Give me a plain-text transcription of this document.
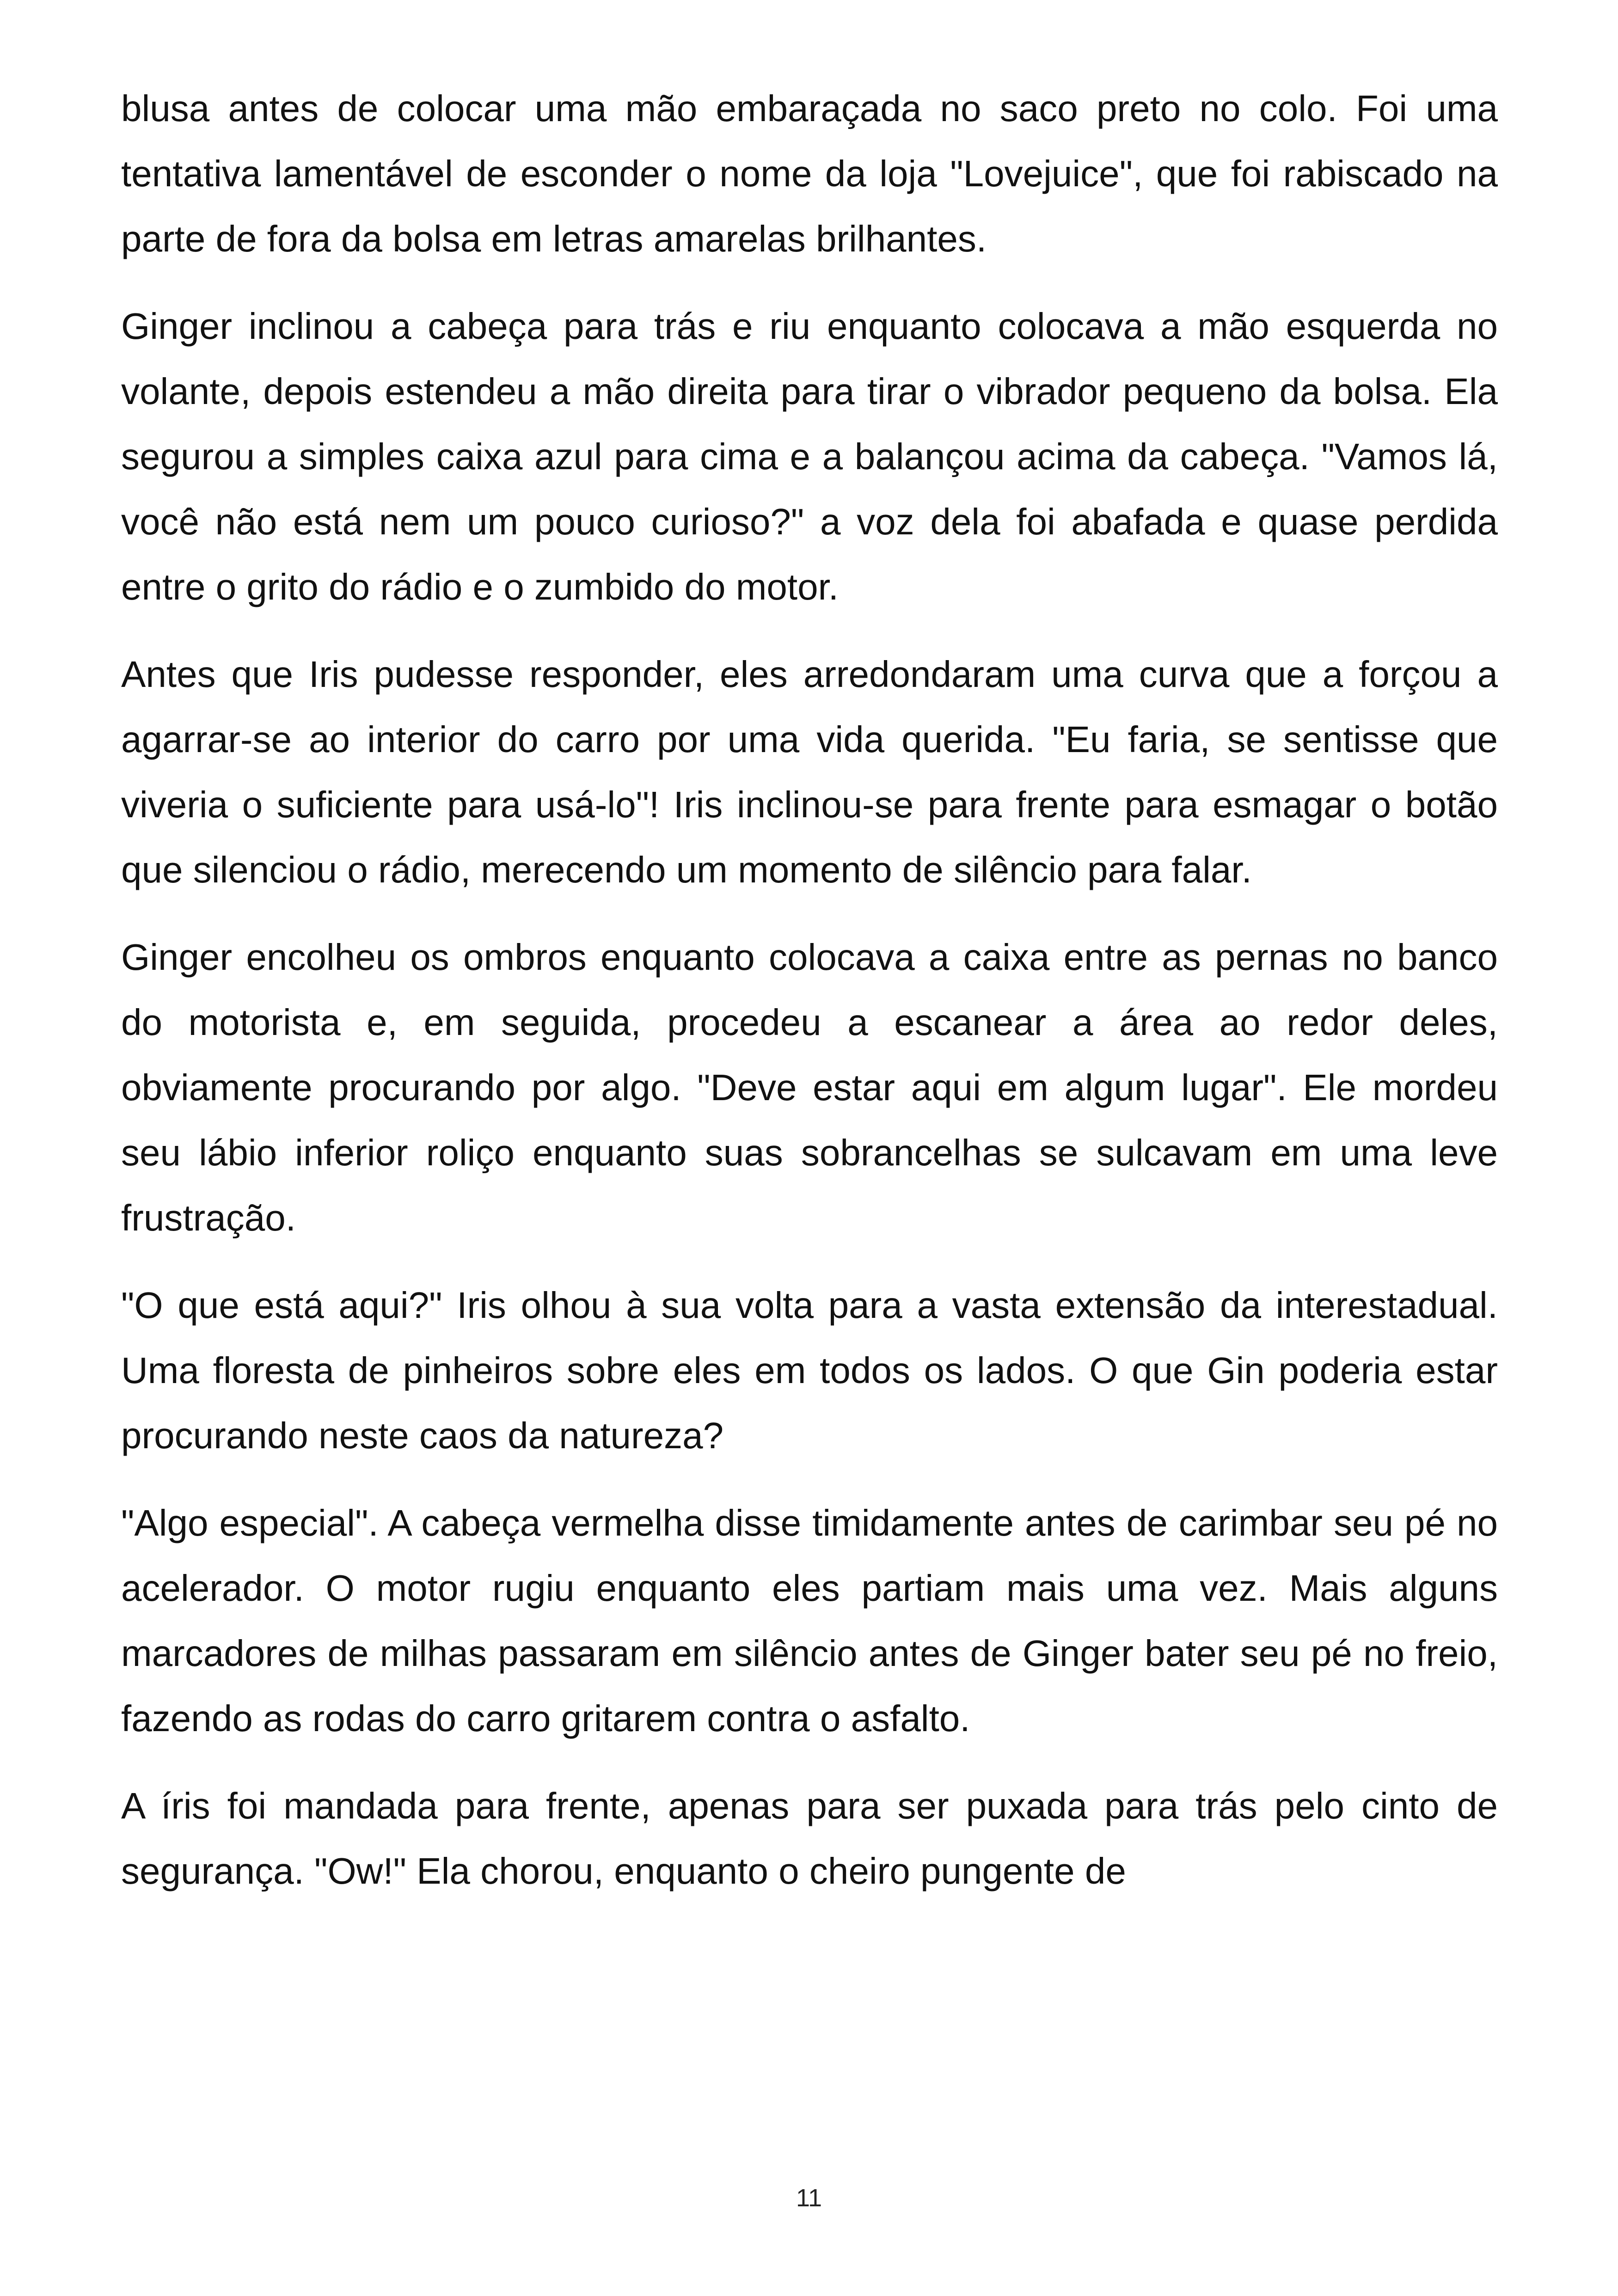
blusa antes de colocar uma mão embaraçada no saco preto no colo. Foi uma tentativa lamentável de esconder o nome da loja "Lovejuice", que foi rabiscado na parte de fora da bolsa em letras amarelas brilhantes.

Ginger inclinou a cabeça para trás e riu enquanto colocava a mão esquerda no volante, depois estendeu a mão direita para tirar o vibrador pequeno da bolsa. Ela segurou a simples caixa azul para cima e a balançou acima da cabeça. "Vamos lá, você não está nem um pouco curioso?" a voz dela foi abafada e quase perdida entre o grito do rádio e o zumbido do motor.

Antes que Iris pudesse responder, eles arredondaram uma curva que a forçou a agarrar-se ao interior do carro por uma vida querida. "Eu faria, se sentisse que viveria o suficiente para usá-lo"! Iris inclinou-se para frente para esmagar o botão que silenciou o rádio, merecendo um momento de silêncio para falar.

Ginger encolheu os ombros enquanto colocava a caixa entre as pernas no banco do motorista e, em seguida, procedeu a escanear a área ao redor deles, obviamente procurando por algo. "Deve estar aqui em algum lugar". Ele mordeu seu lábio inferior roliço enquanto suas sobrancelhas se sulcavam em uma leve frustração.

"O que está aqui?" Iris olhou à sua volta para a vasta extensão da interestadual. Uma floresta de pinheiros sobre eles em todos os lados. O que Gin poderia estar procurando neste caos da natureza?

"Algo especial". A cabeça vermelha disse timidamente antes de carimbar seu pé no acelerador. O motor rugiu enquanto eles partiam mais uma vez. Mais alguns marcadores de milhas passaram em silêncio antes de Ginger bater seu pé no freio, fazendo as rodas do carro gritarem contra o asfalto.

A íris foi mandada para frente, apenas para ser puxada para trás pelo cinto de segurança. "Ow!" Ela chorou, enquanto o cheiro pungente de

11
